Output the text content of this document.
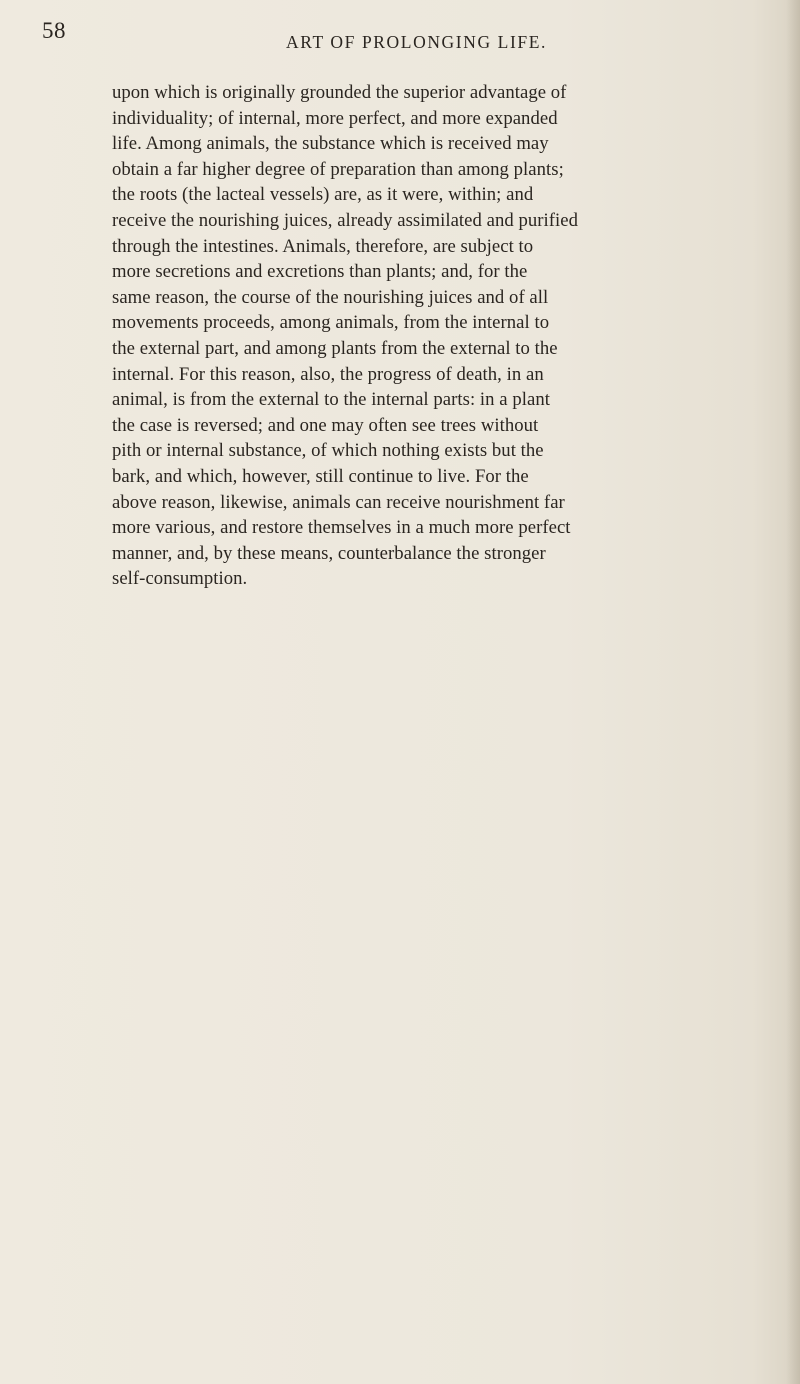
58	ART OF PROLONGING LIFE.
upon which is originally grounded the superior advantage of
individuality; of internal, more perfect, and more expanded
life. Among animals, the substance which is received may
obtain a far higher degree of preparation than among plants;
the roots (the lacteal vessels) are, as it were, within; and
receive the nourishing juices, already assimilated and purified
through the intestines. Animals, therefore, are subject to
more secretions and excretions than plants; and, for the
same reason, the course of the nourishing juices and of all
movements proceeds, among animals, from the internal to
the external part, and among plants from the external to the
internal. For this reason, also, the progress of death, in an
animal, is from the external to the internal parts: in a plant
the case is reversed; and one may often see trees without
pith or internal substance, of which nothing exists but the
bark, and which, however, still continue to live. For the
above reason, likewise, animals can receive nourishment far
more various, and restore themselves in a much more perfect
manner, and, by these means, counterbalance the stronger
self-consumption.
